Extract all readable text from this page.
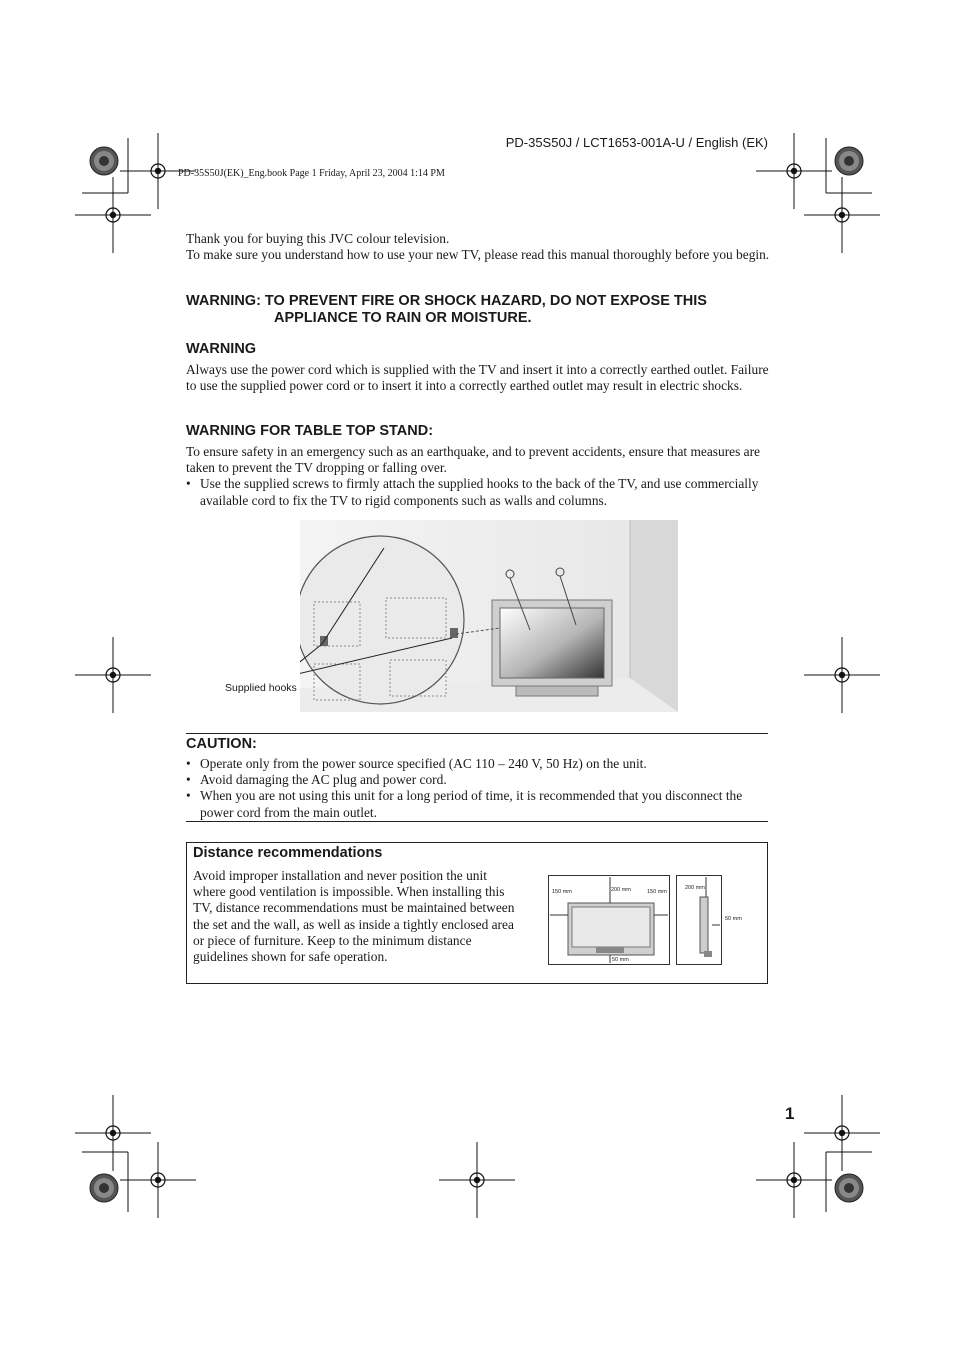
PD-35S50J / LCT1653-001A-U / English (EK)
PD-35S50J(EK)_Eng.book Page 1 Friday, April 23, 2004 1:14 PM
Thank you for buying this JVC colour television.
To make sure you understand how to use your new TV, please read this manual thoroughly before you begin.
WARNING: TO PREVENT FIRE OR SHOCK HAZARD, DO NOT EXPOSE THIS
APPLIANCE TO RAIN OR MOISTURE.
WARNING
Always use the power cord which is supplied with the TV and insert it into a correctly earthed outlet. Failure to use the supplied power cord or to insert it into a correctly earthed outlet may result in electric shocks.
WARNING FOR TABLE TOP STAND:
To ensure safety in an emergency such as an earthquake, and to prevent accidents, ensure that measures are taken to prevent the TV dropping or falling over.
• Use the supplied screws to firmly attach the supplied hooks to the back of the TV, and use commercially available cord to fix the TV to rigid components such as walls and columns.
Supplied hooks
CAUTION:
• Operate only from the power source specified (AC 110 – 240 V, 50 Hz) on the unit.
• Avoid damaging the AC plug and power cord.
• When you are not using this unit for a long period of time, it is recommended that you disconnect the power cord from the main outlet.
Distance recommendations
Avoid improper installation and never position the unit where good ventilation is impossible. When installing this TV, distance recommendations must be maintained between the set and the wall, as well as inside a tightly enclosed area or piece of furniture. Keep to the minimum distance guidelines shown for safe operation.
150 mm	200 mm	150 mm
50 mm
200 mm
50 mm
1
